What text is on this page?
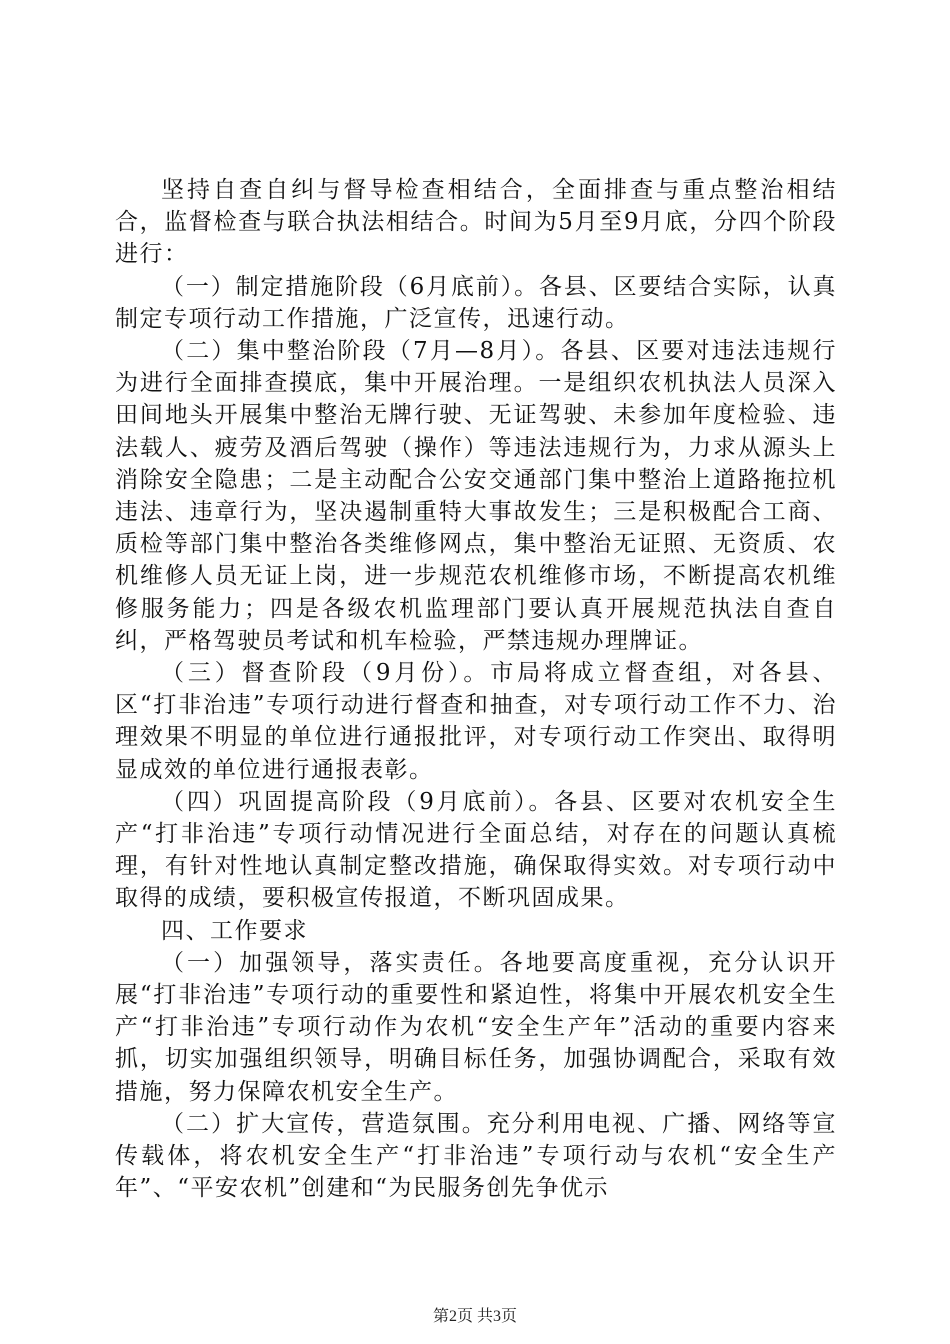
坚持自查自纠与督导检查相结合，全面排查与重点整治相结合，监督检查与联合执法相结合。时间为5月至9月底，分四个阶段进行：

（一）制定措施阶段（6月底前）。各县、区要结合实际，认真制定专项行动工作措施，广泛宣传，迅速行动。

（二）集中整治阶段（7月—8月）。各县、区要对违法违规行为进行全面排查摸底，集中开展治理。一是组织农机执法人员深入田间地头开展集中整治无牌行驶、无证驾驶、未参加年度检验、违法载人、疲劳及酒后驾驶（操作）等违法违规行为，力求从源头上消除安全隐患；二是主动配合公安交通部门集中整治上道路拖拉机违法、违章行为，坚决遏制重特大事故发生；三是积极配合工商、质检等部门集中整治各类维修网点，集中整治无证照、无资质、农机维修人员无证上岗，进一步规范农机维修市场，不断提高农机维修服务能力；四是各级农机监理部门要认真开展规范执法自查自纠，严格驾驶员考试和机车检验，严禁违规办理牌证。

（三）督查阶段（9月份）。市局将成立督查组，对各县、区“打非治违”专项行动进行督查和抽查，对专项行动工作不力、治理效果不明显的单位进行通报批评，对专项行动工作突出、取得明显成效的单位进行通报表彰。

（四）巩固提高阶段（9月底前）。各县、区要对农机安全生产“打非治违”专项行动情况进行全面总结，对存在的问题认真梳理，有针对性地认真制定整改措施，确保取得实效。对专项行动中取得的成绩，要积极宣传报道，不断巩固成果。

四、工作要求

（一）加强领导，落实责任。各地要高度重视，充分认识开展“打非治违”专项行动的重要性和紧迫性，将集中开展农机安全生产“打非治违”专项行动作为农机“安全生产年”活动的重要内容来抓，切实加强组织领导，明确目标任务，加强协调配合，采取有效措施，努力保障农机安全生产。

（二）扩大宣传，营造氛围。充分利用电视、广播、网络等宣传载体，将农机安全生产“打非治违”专项行动与农机“安全生产年”、“平安农机”创建和“为民服务创先争优示

第2页 共3页
